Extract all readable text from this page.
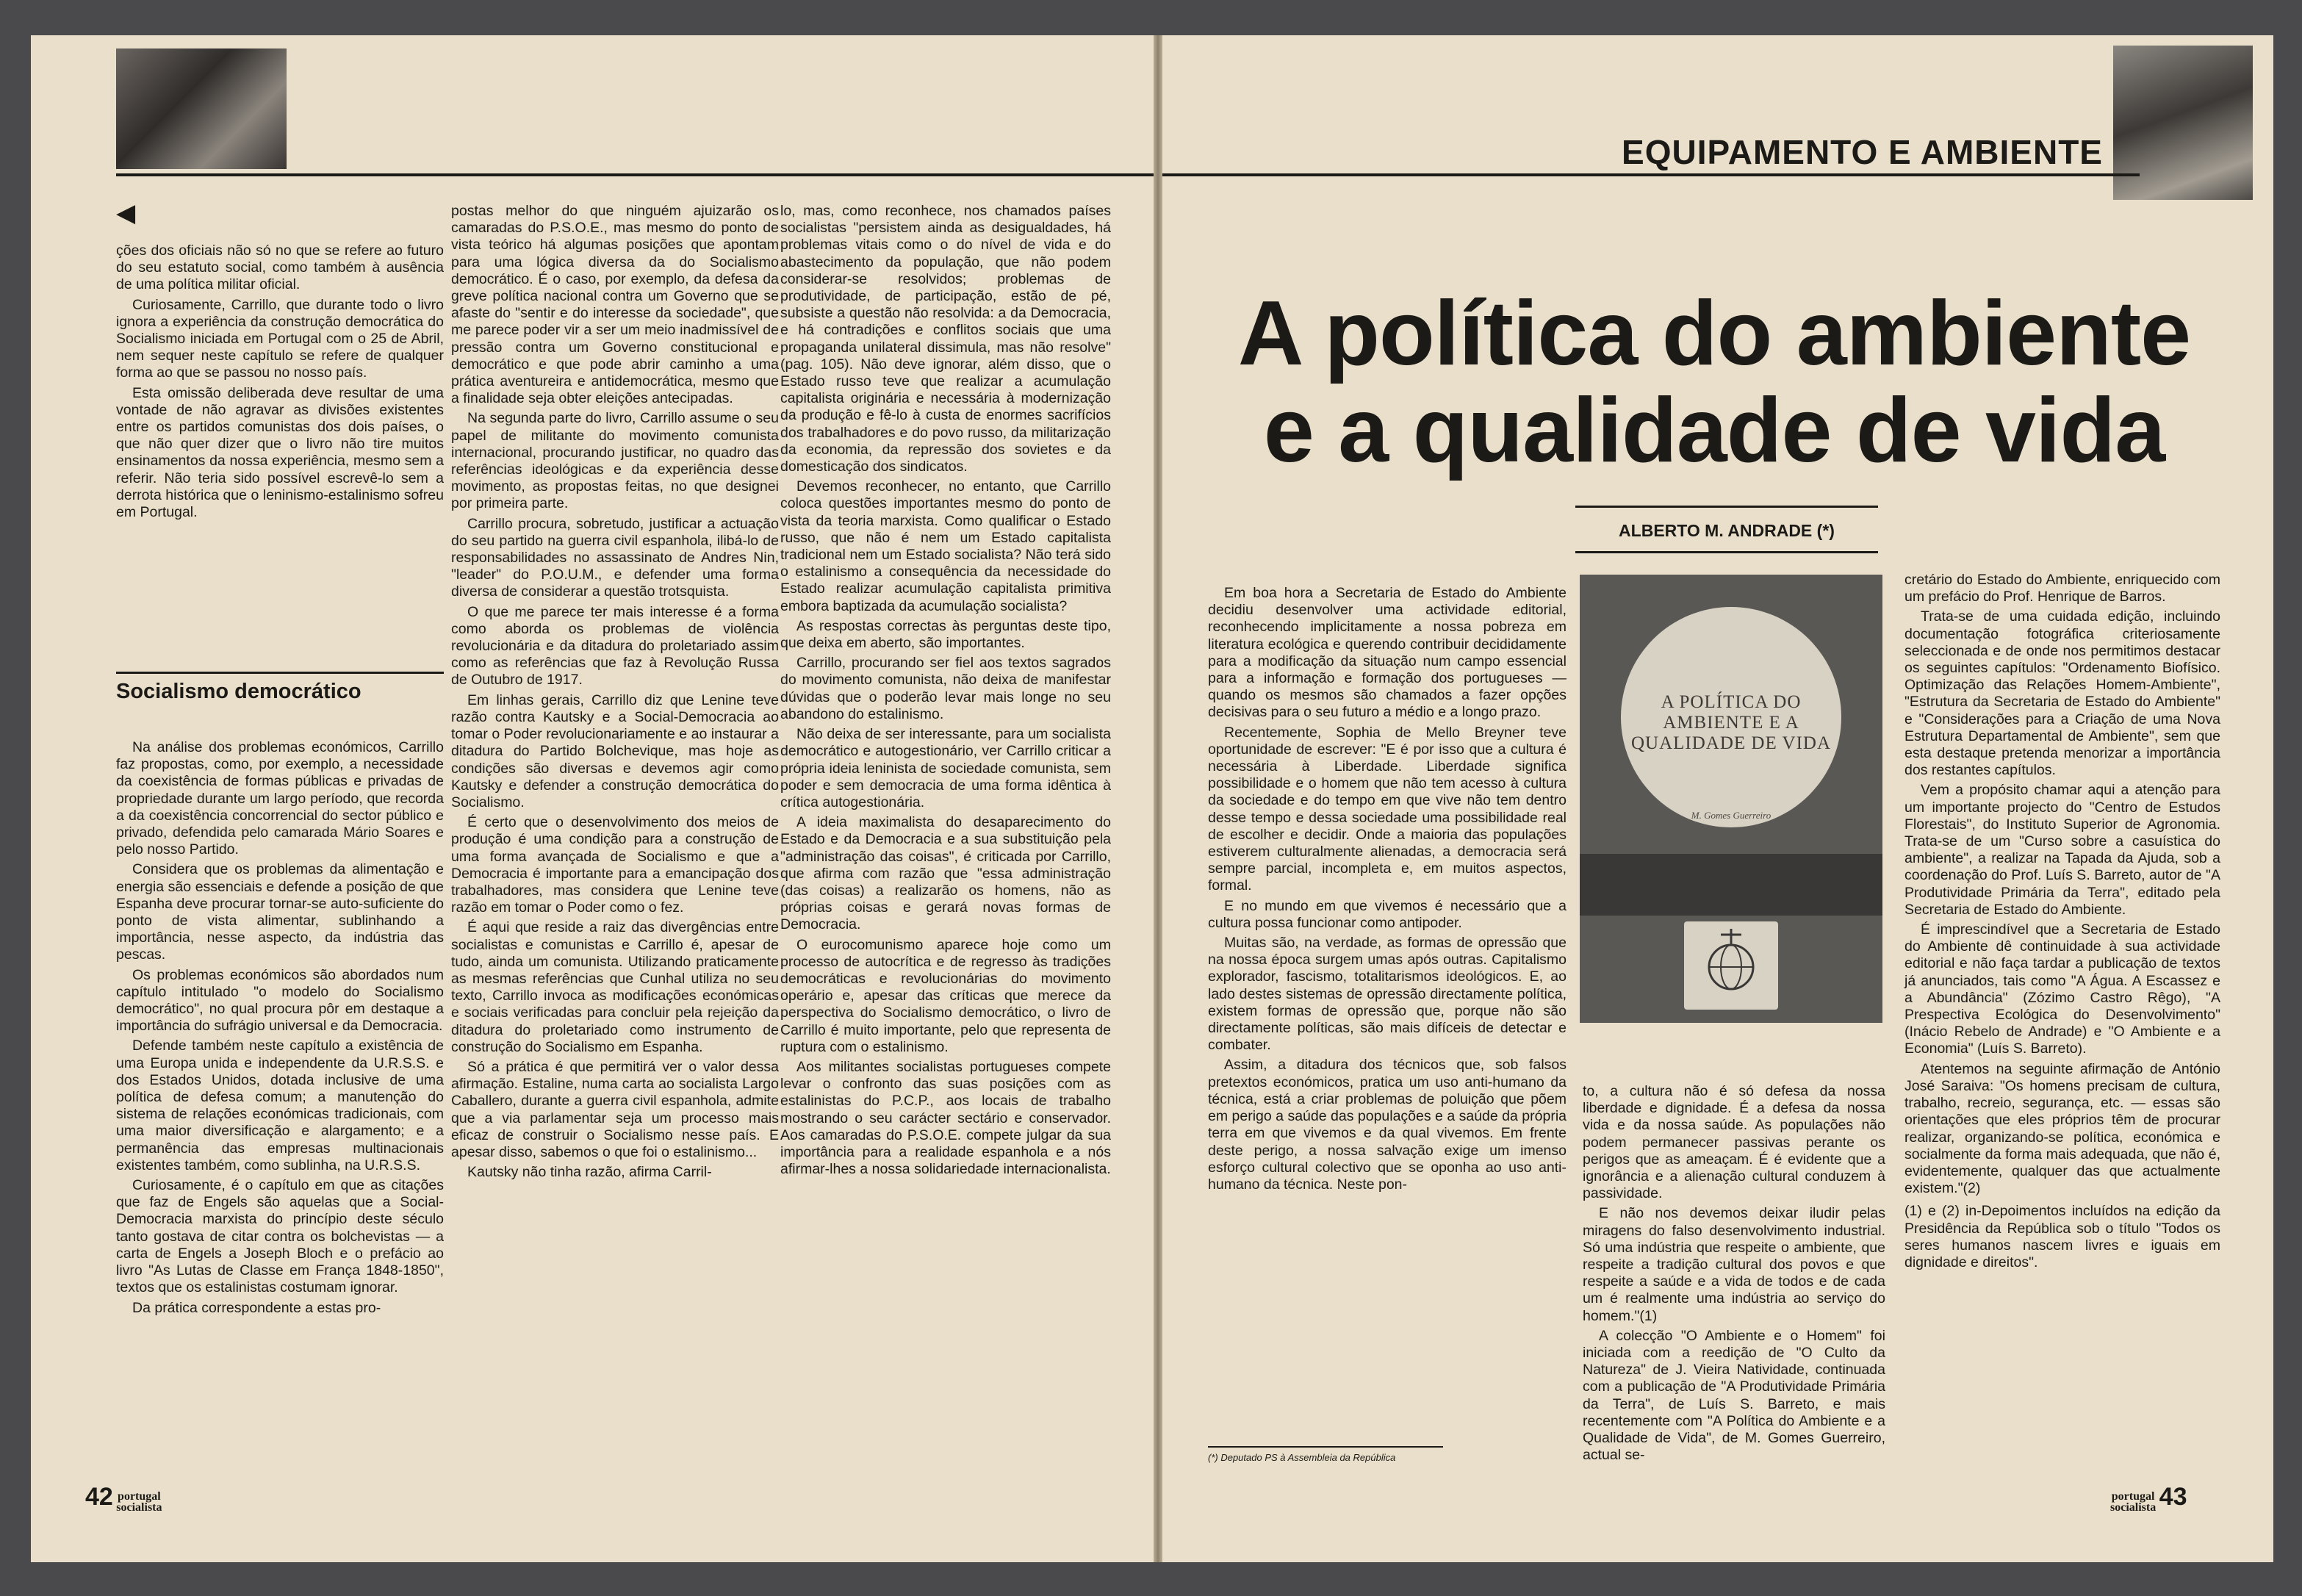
◀

ções dos oficiais não só no que se refere ao futuro do seu estatuto social, como também à ausência de uma política militar oficial.

Curiosamente, Carrillo, que durante todo o livro ignora a experiência da construção democrática do Socialismo iniciada em Portugal com o 25 de Abril, nem sequer neste capítulo se refere de qualquer forma ao que se passou no nosso país.

Esta omissão deliberada deve resultar de uma vontade de não agravar as divisões existentes entre os partidos comunistas dos dois países, o que não quer dizer que o livro não tire muitos ensinamentos da nossa experiência, mesmo sem a referir. Não teria sido possível escrevê-lo sem a derrota histórica que o leninismo-estalinismo sofreu em Portugal.

Socialismo democrático

Na análise dos problemas económicos, Carrillo faz propostas, como, por exemplo, a necessidade da coexistência de formas públicas e privadas de propriedade durante um largo período, que recorda a da coexistência concorrencial do sector público e privado, defendida pelo camarada Mário Soares e pelo nosso Partido.

Considera que os problemas da alimentação e energia são essenciais e defende a posição de que Espanha deve procurar tornar-se auto-suficiente do ponto de vista alimentar, sublinhando a importância, nesse aspecto, da indústria das pescas.

Os problemas económicos são abordados num capítulo intitulado "o modelo do Socialismo democrático", no qual procura pôr em destaque a importância do sufrágio universal e da Democracia.

Defende também neste capítulo a existência de uma Europa unida e independente da U.R.S.S. e dos Estados Unidos, dotada inclusive de uma política de defesa comum; a manutenção do sistema de relações económicas tradicionais, com uma maior diversificação e alargamento; e a permanência das empresas multinacionais existentes também, como sublinha, na U.R.S.S.

Curiosamente, é o capítulo em que as citações que faz de Engels são aquelas que a Social-Democracia marxista do princípio deste século tanto gostava de citar contra os bolchevistas — a carta de Engels a Joseph Bloch e o prefácio ao livro "As Lutas de Classe em França 1848-1850", textos que os estalinistas costumam ignorar.

Da prática correspondente a estas pro-

postas melhor do que ninguém ajuizarão os camaradas do P.S.O.E., mas mesmo do ponto de vista teórico há algumas posições que apontam para uma lógica diversa da do Socialismo democrático. É o caso, por exemplo, da defesa da greve política nacional contra um Governo que se afaste do "sentir e do interesse da sociedade", que me parece poder vir a ser um meio inadmissível de pressão contra um Governo constitucional e democrático e que pode abrir caminho a uma prática aventureira e antidemocrática, mesmo que a finalidade seja obter eleições antecipadas.

Na segunda parte do livro, Carrillo assume o seu papel de militante do movimento comunista internacional, procurando justificar, no quadro das referências ideológicas e da experiência desse movimento, as propostas feitas, no que designei por primeira parte.

Carrillo procura, sobretudo, justificar a actuação do seu partido na guerra civil espanhola, ilibá-lo de responsabilidades no assassinato de Andres Nin, "leader" do P.O.U.M., e defender uma forma diversa de considerar a questão trotsquista.

O que me parece ter mais interesse é a forma como aborda os problemas de violência revolucionária e da ditadura do proletariado assim como as referências que faz à Revolução Russa de Outubro de 1917.

Em linhas gerais, Carrillo diz que Lenine teve razão contra Kautsky e a Social-Democracia ao tomar o Poder revolucionariamente e ao instaurar a ditadura do Partido Bolchevique, mas hoje as condições são diversas e devemos agir como Kautsky e defender a construção democrática do Socialismo.

É certo que o desenvolvimento dos meios de produção é uma condição para a construção de uma forma avançada de Socialismo e que a Democracia é importante para a emancipação dos trabalhadores, mas considera que Lenine teve razão em tomar o Poder como o fez.

É aqui que reside a raiz das divergências entre socialistas e comunistas e Carrillo é, apesar de tudo, ainda um comunista. Utilizando praticamente as mesmas referências que Cunhal utiliza no seu texto, Carrillo invoca as modificações económicas e sociais verificadas para concluir pela rejeição da ditadura do proletariado como instrumento de construção do Socialismo em Espanha.

Só a prática é que permitirá ver o valor dessa afirmação. Estaline, numa carta ao socialista Largo Caballero, durante a guerra civil espanhola, admite que a via parlamentar seja um processo mais eficaz de construir o Socialismo nesse país. E apesar disso, sabemos o que foi o estalinismo...

Kautsky não tinha razão, afirma Carril-

lo, mas, como reconhece, nos chamados países socialistas "persistem ainda as desigualdades, há problemas vitais como o do nível de vida e do abastecimento da população, que não podem considerar-se resolvidos; problemas de produtividade, de participação, estão de pé, subsiste a questão não resolvida: a da Democracia, e há contradições e conflitos sociais que uma propaganda unilateral dissimula, mas não resolve" (pag. 105). Não deve ignorar, além disso, que o Estado russo teve que realizar a acumulação capitalista originária e necessária à modernização da produção e fê-lo à custa de enormes sacrifícios dos trabalhadores e do povo russo, da militarização da economia, da repressão dos sovietes e da domesticação dos sindicatos.

Devemos reconhecer, no entanto, que Carrillo coloca questões importantes mesmo do ponto de vista da teoria marxista. Como qualificar o Estado russo, que não é nem um Estado capitalista tradicional nem um Estado socialista? Não terá sido o estalinismo a consequência da necessidade do Estado realizar acumulação capitalista primitiva embora baptizada da acumulação socialista?

As respostas correctas às perguntas deste tipo, que deixa em aberto, são importantes.

Carrillo, procurando ser fiel aos textos sagrados do movimento comunista, não deixa de manifestar dúvidas que o poderão levar mais longe no seu abandono do estalinismo.

Não deixa de ser interessante, para um socialista democrático e autogestionário, ver Carrillo criticar a própria ideia leninista de sociedade comunista, sem poder e sem democracia de uma forma idêntica à crítica autogestionária.

A ideia maximalista do desaparecimento do Estado e da Democracia e a sua substituição pela "administração das coisas", é criticada por Carrillo, que afirma com razão que "essa administração (das coisas) a realizarão os homens, não as próprias coisas e gerará novas formas de Democracia.

O eurocomunismo aparece hoje como um processo de autocrítica e de regresso às tradições democráticas e revolucionárias do movimento operário e, apesar das críticas que merece da perspectiva do Socialismo democrático, o livro de Carrillo é muito importante, pelo que representa de ruptura com o estalinismo.

Aos militantes socialistas portugueses compete levar o confronto das suas posições com as estalinistas do P.C.P., aos locais de trabalho mostrando o seu carácter sectário e conservador. Aos camaradas do P.S.O.E. compete julgar da sua importância para a realidade espanhola e a nós afirmar-lhes a nossa solidariedade internacionalista.

42 portugal
socialista
EQUIPAMENTO E AMBIENTE
A política do ambiente e a qualidade de vida
ALBERTO M. ANDRADE (*)

Em boa hora a Secretaria de Estado do Ambiente decidiu desenvolver uma actividade editorial, reconhecendo implicitamente a nossa pobreza em literatura ecológica e querendo contribuir decididamente para a modificação da situação num campo essencial para a informação e formação dos portugueses — quando os mesmos são chamados a fazer opções decisivas para o seu futuro a médio e a longo prazo.

Recentemente, Sophia de Mello Breyner teve oportunidade de escrever: "E é por isso que a cultura é necessária à Liberdade. Liberdade significa possibilidade e o homem que não tem acesso à cultura da sociedade e do tempo em que vive não tem dentro desse tempo e dessa sociedade uma possibilidade real de escolher e decidir. Onde a maioria das populações estiverem culturalmente alienadas, a democracia será sempre parcial, incompleta e, em muitos aspectos, formal.

E no mundo em que vivemos é necessário que a cultura possa funcionar como antipoder.

Muitas são, na verdade, as formas de opressão que na nossa época surgem umas após outras. Capitalismo explorador, fascismo, totalitarismos ideológicos. E, ao lado destes sistemas de opressão directamente política, existem formas de opressão que, porque não são directamente políticas, são mais difíceis de detectar e combater.

Assim, a ditadura dos técnicos que, sob falsos pretextos económicos, pratica um uso anti-humano da técnica, está a criar problemas de poluição que põem em perigo a saúde das populações e a saúde da própria terra em que vivemos e da qual vivemos. Em frente deste perigo, a nossa salvação exige um imenso esforço cultural colectivo que se oponha ao uso anti-humano da técnica. Neste pon-

A POLÍTICA DO AMBIENTE E A QUALIDADE DE VIDA
M. Gomes Guerreiro

to, a cultura não é só defesa da nossa liberdade e dignidade. É a defesa da nossa vida e da nossa saúde. As populações não podem permanecer passivas perante os perigos que as ameaçam. É é evidente que a ignorância e a alienação cultural conduzem à passividade.

E não nos devemos deixar iludir pelas miragens do falso desenvolvimento industrial. Só uma indústria que respeite o ambiente, que respeite a tradição cultural dos povos e que respeite a saúde e a vida de todos e de cada um é realmente uma indústria ao serviço do homem."(1)

A colecção "O Ambiente e o Homem" foi iniciada com a reedição de "O Culto da Natureza" de J. Vieira Natividade, continuada com a publicação de "A Produtividade Primária da Terra", de Luís S. Barreto, e mais recentemente com "A Política do Ambiente e a Qualidade de Vida", de M. Gomes Guerreiro, actual se-

cretário do Estado do Ambiente, enriquecido com um prefácio do Prof. Henrique de Barros.

Trata-se de uma cuidada edição, incluindo documentação fotográfica criteriosamente seleccionada e de onde nos permitimos destacar os seguintes capítulos: "Ordenamento Biofísico. Optimização das Relações Homem-Ambiente", "Estrutura da Secretaria de Estado do Ambiente" e "Considerações para a Criação de uma Nova Estrutura Departamental de Ambiente", sem que esta destaque pretenda menorizar a importância dos restantes capítulos.

Vem a propósito chamar aqui a atenção para um importante projecto do "Centro de Estudos Florestais", do Instituto Superior de Agronomia. Trata-se de um "Curso sobre a casuística do ambiente", a realizar na Tapada da Ajuda, sob a coordenação do Prof. Luís S. Barreto, autor de "A Produtividade Primária da Terra", editado pela Secretaria de Estado do Ambiente.

É imprescindível que a Secretaria de Estado do Ambiente dê continuidade à sua actividade editorial e não faça tardar a publicação de textos já anunciados, tais como "A Água. A Escassez e a Abundância" (Zózimo Castro Rêgo), "A Prespectiva Ecológica do Desenvolvimento" (Inácio Rebelo de Andrade) e "O Ambiente e a Economia" (Luís S. Barreto).

Atentemos na seguinte afirmação de António José Saraiva: "Os homens precisam de cultura, trabalho, recreio, segurança, etc. — essas são orientações que eles próprios têm de procurar realizar, organizando-se política, económica e socialmente da forma mais adequada, que não é, evidentemente, qualquer das que actualmente existem."(2)

(1) e (2) in-Depoimentos incluídos na edição da Presidência da República sob o título "Todos os seres humanos nascem livres e iguais em dignidade e direitos".

(*) Deputado PS à Assembleia da República
portugal
socialista 43
